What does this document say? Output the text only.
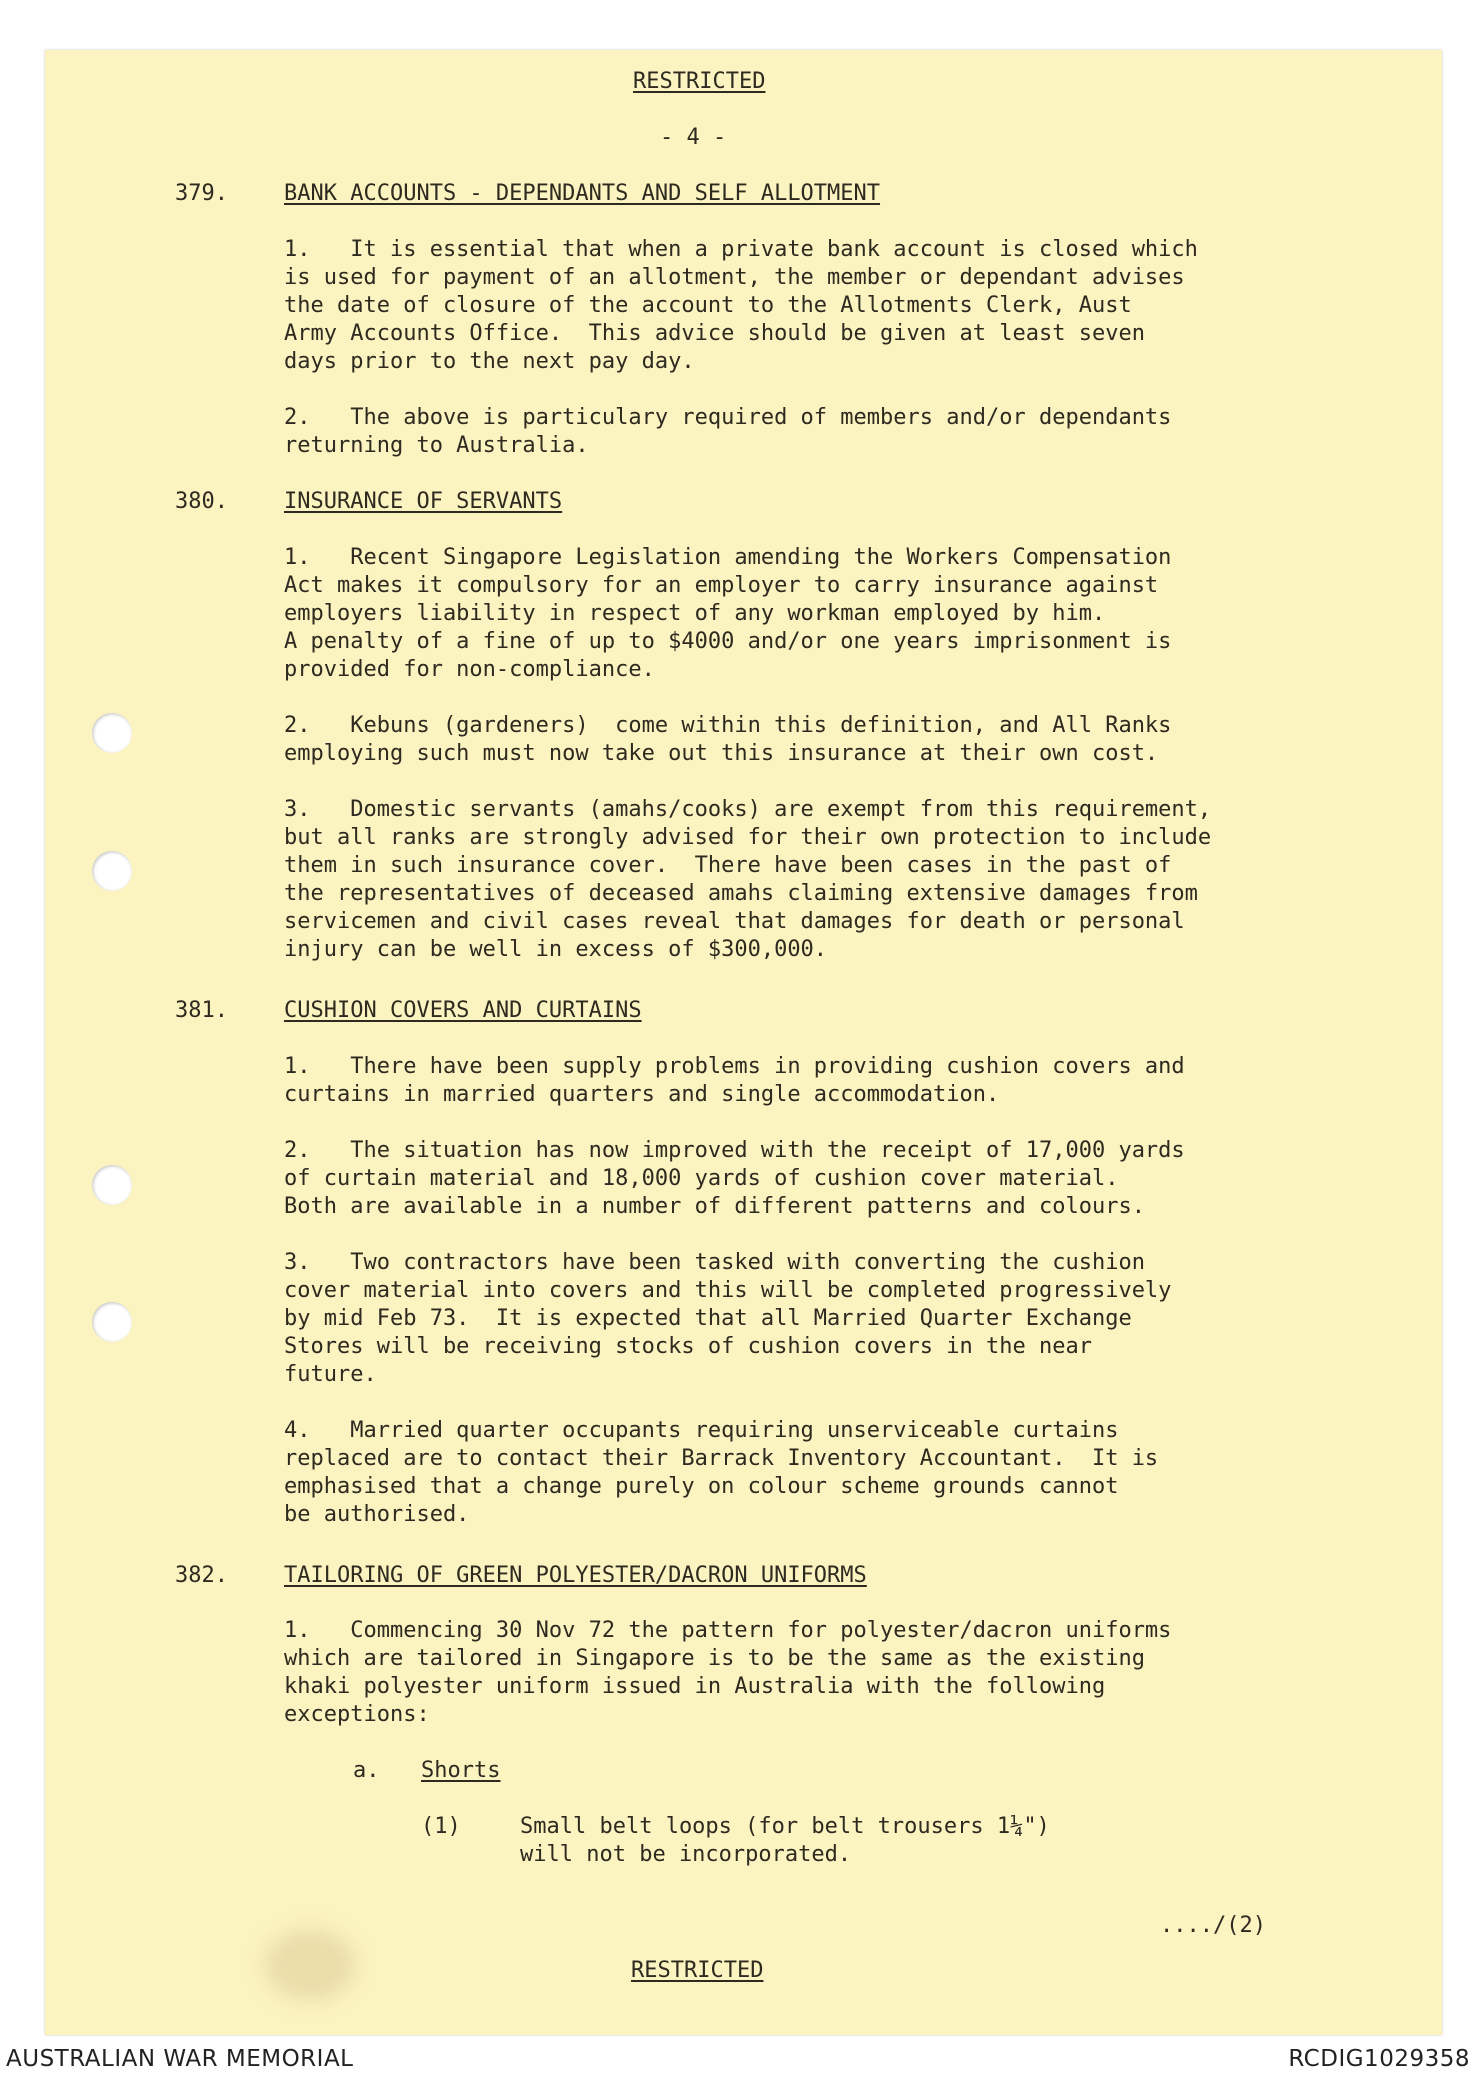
RESTRICTED
- 4 -
379.	BANK ACCOUNTS - DEPENDANTS AND SELF ALLOTMENT
1.   It is essential that when a private bank account is closed which
is used for payment of an allotment, the member or dependant advises
the date of closure of the account to the Allotments Clerk, Aust
Army Accounts Office.  This advice should be given at least seven
days prior to the next pay day.
2.   The above is particulary required of members and/or dependants
returning to Australia.
380.	INSURANCE OF SERVANTS
1.   Recent Singapore Legislation amending the Workers Compensation
Act makes it compulsory for an employer to carry insurance against
employers liability in respect of any workman employed by him.
A penalty of a fine of up to $4000 and/or one years imprisonment is
provided for non-compliance.
2.   Kebuns (gardeners)  come within this definition, and All Ranks
employing such must now take out this insurance at their own cost.
3.   Domestic servants (amahs/cooks) are exempt from this requirement,
but all ranks are strongly advised for their own protection to include
them in such insurance cover.  There have been cases in the past of
the representatives of deceased amahs claiming extensive damages from
servicemen and civil cases reveal that damages for death or personal
injury can be well in excess of $300,000.
381.	CUSHION COVERS AND CURTAINS
1.   There have been supply problems in providing cushion covers and
curtains in married quarters and single accommodation.
2.   The situation has now improved with the receipt of 17,000 yards
of curtain material and 18,000 yards of cushion cover material.
Both are available in a number of different patterns and colours.
3.   Two contractors have been tasked with converting the cushion
cover material into covers and this will be completed progressively
by mid Feb 73.  It is expected that all Married Quarter Exchange
Stores will be receiving stocks of cushion covers in the near
future.
4.   Married quarter occupants requiring unserviceable curtains
replaced are to contact their Barrack Inventory Accountant.  It is
emphasised that a change purely on colour scheme grounds cannot
be authorised.
382.	TAILORING OF GREEN POLYESTER/DACRON UNIFORMS
1.   Commencing 30 Nov 72 the pattern for polyester/dacron uniforms
which are tailored in Singapore is to be the same as the existing
khaki polyester uniform issued in Australia with the following
exceptions:
a. Shorts
(1)	Small belt loops (for belt trousers 1¼")
will not be incorporated.
..../(2)
RESTRICTED
AUSTRALIAN WAR MEMORIAL	RCDIG1029358
